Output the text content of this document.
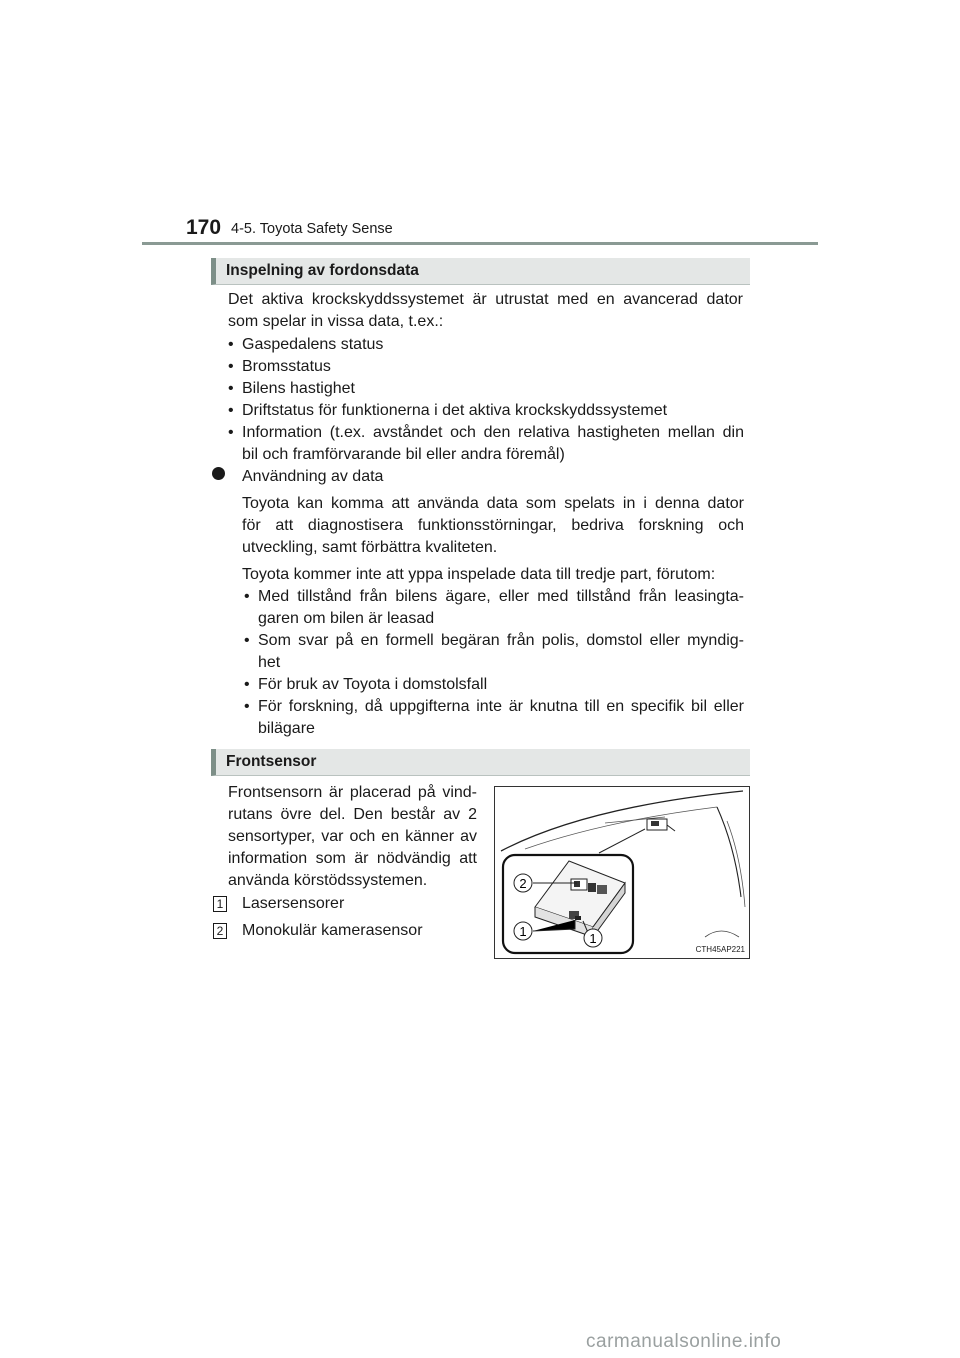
170 4-5. Toyota Safety Sense
Inspelning av fordonsdata
Det aktiva krockskyddssystemet är utrustat med en avancerad dator
som spelar in vissa data, t.ex.:
• Gaspedalens status
• Bromsstatus
• Bilens hastighet
• Driftstatus för funktionerna i det aktiva krockskyddssystemet
• Information (t.ex. avståndet och den relativa hastigheten mellan din
bil och framförvarande bil eller andra föremål)
Användning av data
Toyota kan komma att använda data som spelats in i denna dator
för att diagnostisera funktionsstörningar, bedriva forskning och
utveckling, samt förbättra kvaliteten.
Toyota kommer inte att yppa inspelade data till tredje part, förutom:
• Med tillstånd från bilens ägare, eller med tillstånd från leasingta-
garen om bilen är leasad
• Som svar på en formell begäran från polis, domstol eller myndig-
het
• För bruk av Toyota i domstolsfall
• För forskning, då uppgifterna inte är knutna till en specifik bil eller
bilägare
Frontsensor
Frontsensorn är placerad på vind-
rutans övre del. Den består av 2
sensortyper, var och en känner av
information som är nödvändig att
använda körstödssystemen.
1 Lasersensorer
2 Monokulär kamerasensor
2
1	1
CTH45AP221
carmanualsonline.info
